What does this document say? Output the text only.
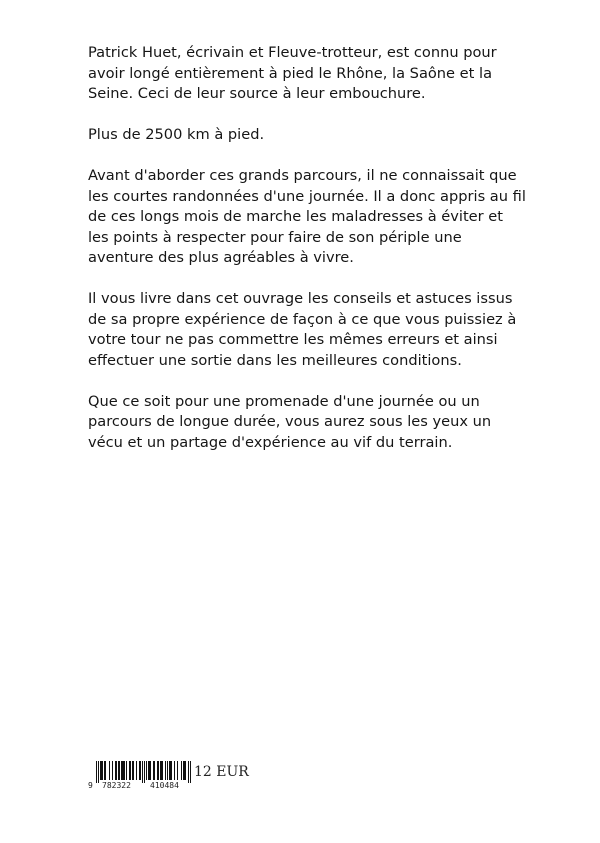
Patrick Huet, écrivain et Fleuve-trotteur, est connu pour avoir longé entièrement à pied le Rhône, la Saône et la Seine. Ceci de leur source à leur embouchure.

Plus de 2500 km à pied.

Avant d'aborder ces grands parcours, il ne connaissait que les courtes randonnées d'une journée. Il a donc appris au fil de ces longs mois de marche les maladresses à éviter et les points à respecter pour faire de son périple une aventure des plus agréables à vivre.

Il vous livre dans cet ouvrage les conseils et astuces issus de sa propre expérience de façon à ce que vous puissiez à votre tour ne pas commettre les mêmes erreurs et ainsi effectuer une sortie dans les meilleures conditions.

Que ce soit pour une promenade d'une journée ou un parcours de longue durée, vous aurez sous les yeux un vécu et un partage d'expérience au vif du terrain.

9 782322 410484
12 EUR
